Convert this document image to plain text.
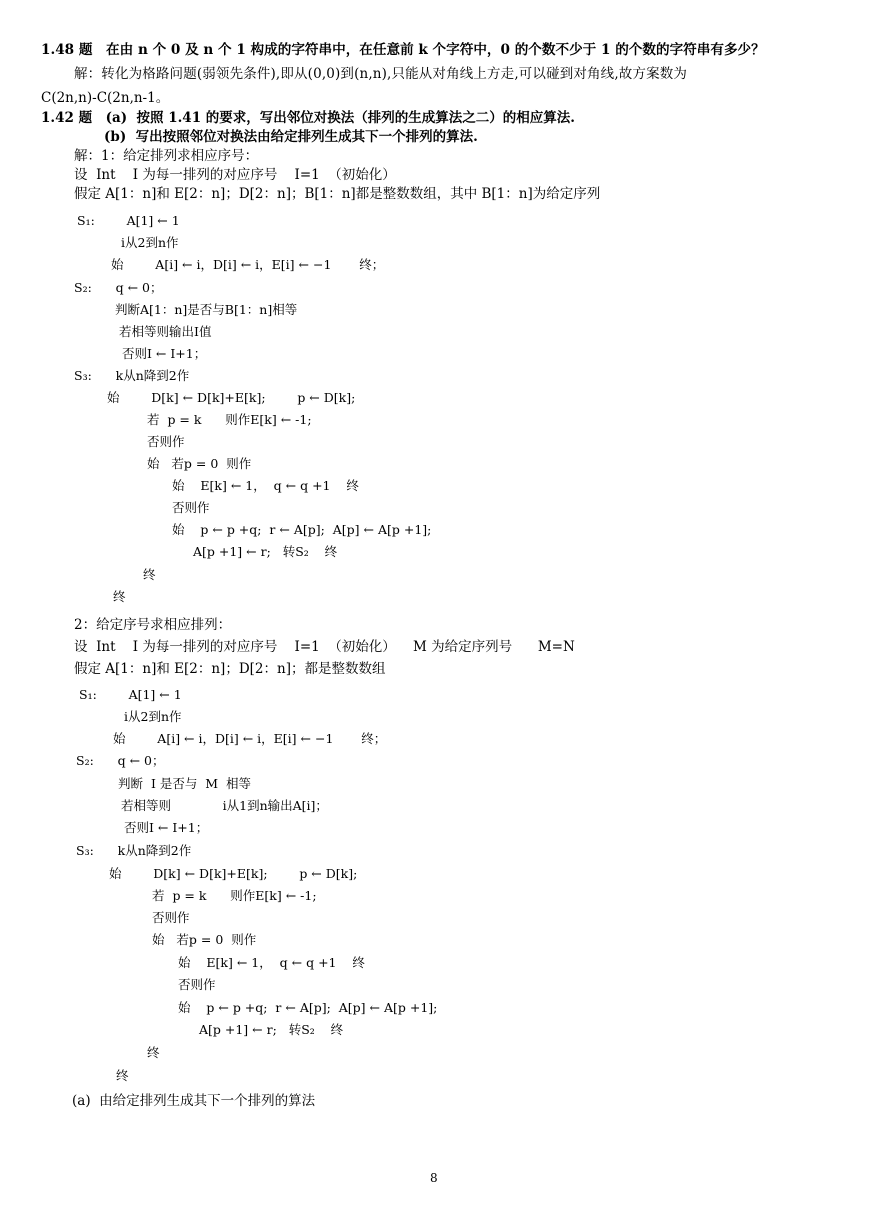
1.48 题　在由 n 个 0 及 n 个 1 构成的字符串中，在任意前 k 个字符中，0 的个数不少于 1 的个数的字符串有多少？
解：转化为格路问题(弱领先条件),即从(0,0)到(n,n),只能从对角线上方走,可以碰到对角线,故方案数为
C(2n,n)-C(2n,n-1。
1.42 题　(a)  按照 1.41 的要求，写出邻位对换法（排列的生成算法之二）的相应算法.
(b)  写出按照邻位对换法由给定排列生成其下一个排列的算法.
解：1：给定排列求相应序号：
设  Int    I 为每一排列的对应序号    I=1  （初始化）
假定 A[1：n]和 E[2：n]；D[2：n]；B[1：n]都是整数数组，其中 B[1：n]为给定序列
S₁:        A[1] ← 1
i从2到n作
始        A[i] ← i，D[i] ← i，E[i] ← −1       终；
S₂:      q ← 0；
判断A[1：n]是否与B[1：n]相等
若相等则输出I值
否则I ← I+1；
S₃:      k从n降到2作
始        D[k] ← D[k]+E[k];        p ← D[k];
若  p = k      则作E[k] ← -1;
否则作
始   若p = 0  则作
始    E[k] ← 1，  q ← q +1    终
否则作
始    p ← p +q;  r ← A[p];  A[p] ← A[p +1];
A[p +1] ← r;   转S₂    终
终
终
2：给定序号求相应排列：
设  Int    I 为每一排列的对应序号    I=1  （初始化）    M 为给定序列号      M=N
假定 A[1：n]和 E[2：n]；D[2：n]；都是整数数组
S₁:        A[1] ← 1
i从2到n作
始        A[i] ← i，D[i] ← i，E[i] ← −1       终；
S₂:      q ← 0；
判断  I 是否与  M  相等
若相等则             i从1到n输出A[i]；
否则I ← I+1；
S₃:      k从n降到2作
始        D[k] ← D[k]+E[k];        p ← D[k];
若  p = k      则作E[k] ← -1;
否则作
始   若p = 0  则作
始    E[k] ← 1，  q ← q +1    终
否则作
始    p ← p +q;  r ← A[p];  A[p] ← A[p +1];
A[p +1] ← r;   转S₂    终
终
终
(a)  由给定排列生成其下一个排列的算法
8
